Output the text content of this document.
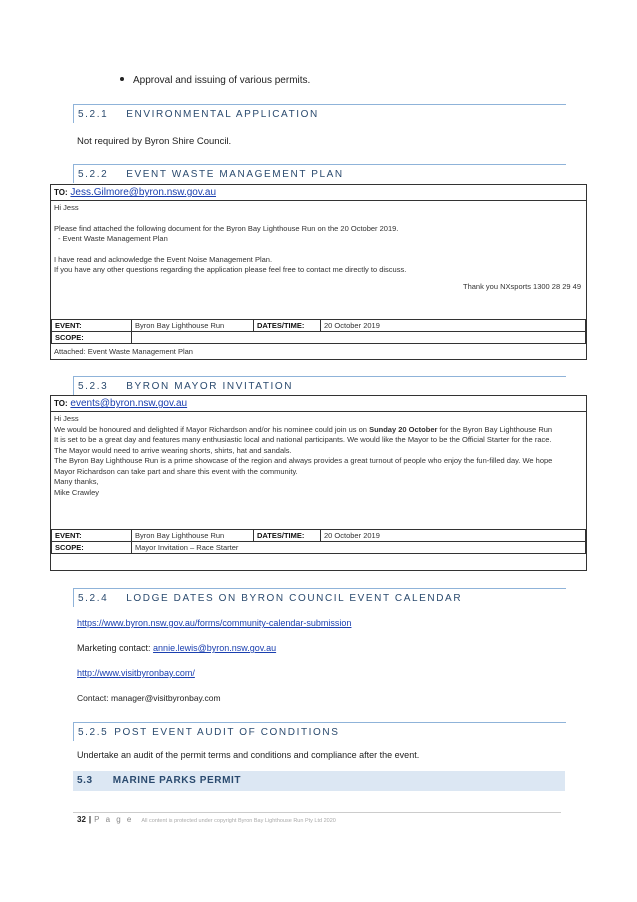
Approval and issuing of various permits.
5.2.1 ENVIRONMENTAL APPLICATION
Not required by Byron Shire Council.
5.2.2 EVENT WASTE MANAGEMENT PLAN
TO: Jess.Gilmore@byron.nsw.gov.au
Hi Jess
Please find attached the following document for the Byron Bay Lighthouse Run on the 20 October 2019.
- Event Waste Management Plan
I have read and acknowledge the Event Noise Management Plan.
If you have any other questions regarding the application please feel free to contact me directly to discuss.
Thank you NXsports 1300 28 29 49
EVENT:	Byron Bay Lighthouse Run	DATES/TIME:	20 October 2019
SCOPE:			
Attached: Event Waste Management Plan
5.2.3 BYRON MAYOR INVITATION
TO: events@byron.nsw.gov.au
Hi Jess
We would be honoured and delighted if Mayor Richardson and/or his nominee could join us on Sunday 20 October for the Byron Bay Lighthouse Run
It is set to be a great day and features many enthusiastic local and national participants. We would like the Mayor to be the Official Starter for the race.
The Mayor would need to arrive wearing shorts, shirts, hat and sandals.
The Byron Bay Lighthouse Run is a prime showcase of the region and always provides a great turnout of people who enjoy the fun-filled day. We hope
Mayor Richardson can take part and share this event with the community.
Many thanks,
Mike Crawley
EVENT:	Byron Bay Lighthouse Run	DATES/TIME:	20 October 2019
SCOPE:	Mayor Invitation – Race Starter		
5.2.4 LODGE DATES ON BYRON COUNCIL EVENT CALENDAR
https://www.byron.nsw.gov.au/forms/community-calendar-submission
Marketing contact: annie.lewis@byron.nsw.gov.au
http://www.visitbyronbay.com/
Contact: manager@visitbyronbay.com
5.2.5 POST EVENT AUDIT OF CONDITIONS
Undertake an audit of the permit terms and conditions and compliance after the event.
5.3 MARINE PARKS PERMIT
32 | P a g e All content is protected under copyright Byron Bay Lighthouse Run Pty Ltd 2020
